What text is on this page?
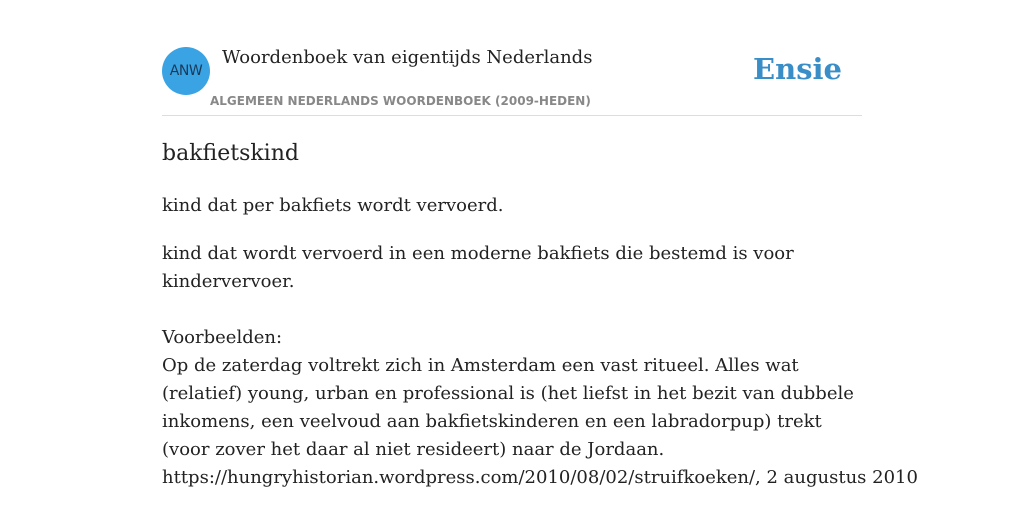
ANW
Woordenboek van eigentijds Nederlands
ALGEMEEN NEDERLANDS WOORDENBOEK (2009-HEDEN)
Ensie
bakfietskind
kind dat per bakfiets wordt vervoerd.
kind dat wordt vervoerd in een moderne bakfiets die bestemd is voor kindervervoer.
Voorbeelden:
Op de zaterdag voltrekt zich in Amsterdam een vast ritueel. Alles wat (relatief) young, urban en professional is (het liefst in het bezit van dubbele inkomens, een veelvoud aan bakfietskinderen en een labradorpup) trekt (voor zover het daar al niet resideert) naar de Jordaan.
https://hungryhistorian.wordpress.com/2010/08/02/struifkoeken/, 2 augustus 2010
